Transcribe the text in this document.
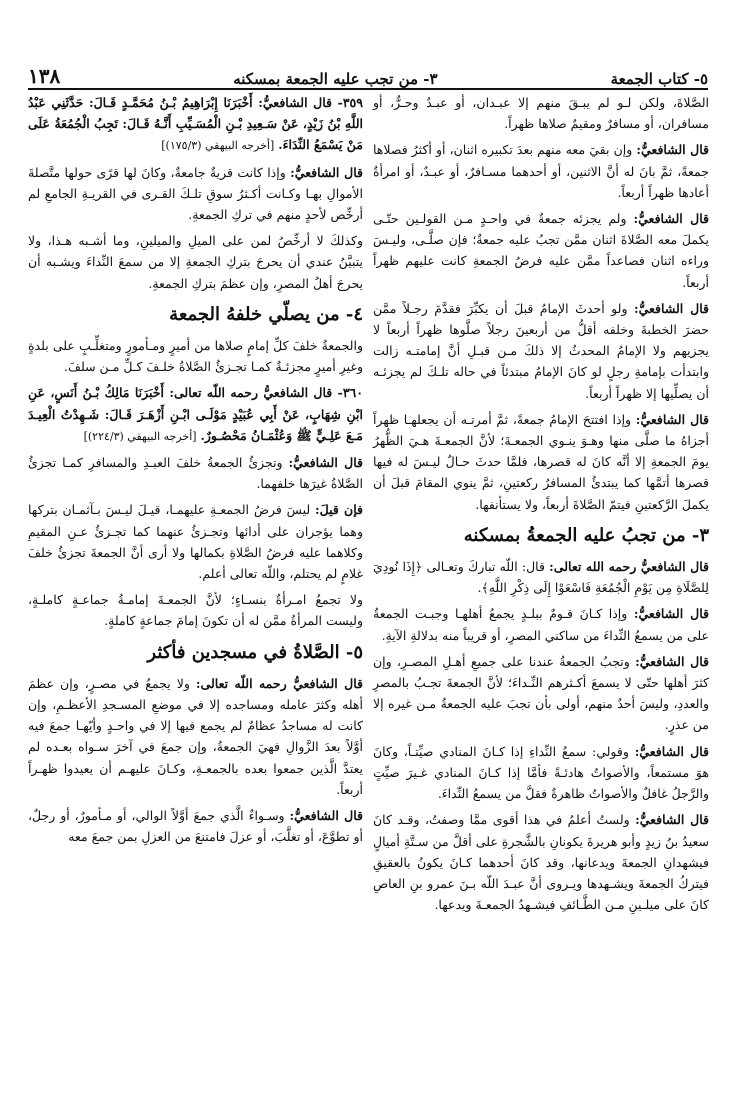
٥- كتاب الجمعة
٣- من تجب عليه الجمعة بمسكنه
١٣٨

الصَّلاةَ، ولكن لـو لم يبـقَ منهم إلا عبـدان، أو عبـدٌ وحـرٌّ، أو مسافران، أو مسافرٌ ومقيمٌ صلاها ظهراً.

قال الشافعيُّ: وإن بقيَ معه منهم بعدَ تكبيره اثنان، أو أكثرُ فصلاها جمعةً، ثمَّ بانَ له أنَّ الاثنين، أو أحدهما مسـافرٌ، أو عبـدٌ، أو امرأةٌ أعادها ظهراً أربعاً.

قال الشافعيُّ: ولم يجزئه جمعةٌ في واحـدٍ مـن القولـين حتّـى يكملَ معه الصَّلاةَ اثنان ممَّن تجبُ عليه جمعةٌ؛ فإن صلَّـى، وليـسَ وراءه اثنان فصاعداً ممَّن عليه فرضُ الجمعةِ كانت عليهم ظهراً أربعاً.

قال الشافعيُّ: ولو أحدثَ الإمامُ قبلَ أن يكبِّرَ فقدَّمَ رجـلاً ممَّن حضرَ الخطبةَ وخلفه أقلُّ من أربعينَ رجلاً صلَّوها ظهراً أربعاً لا يجزيهم ولا الإمامُ المحدثُ إلا ذلكَ مـن قبـلِ أنَّ إمامتـه زالت وابتدأت بإمامةِ رجلٍ لو كانَ الإمامُ مبتدئاً في حاله تلـكَ لم يجزئـه أن يصلِّيها إلا ظهراً أربعاً.

قال الشافعيُّ: وإذا افتتحَ الإمامُ جمعةً، ثمَّ أمرتـه أن يجعلهـا ظهراً أجزاهُ ما صلَّى منها وهـوَ ينـوي الجمعـةَ؛ لأنَّ الجمعـةَ هـيَ الظُّهرُ يومَ الجمعةِ إلا أنَّه كانَ له قصرها، فلمَّا حدثَ حـالٌ ليـسَ له فيها قصرها أتمَّها كما يبتدئُ المسافرُ ركعتينِ، ثمَّ ينوي المقامَ قبلَ أن يكملَ الرَّكعتينِ فيتمّ الصَّلاةَ أربعاً، ولا يستأنفها.

٣- من تجبُ عليه الجمعةُ بمسكنه

قال الشافعيُّ رحمه الله تعالى: قال: اللّه تباركَ وتعـالى ﴿إِذَا نُودِيَ لِلصَّلَاةِ مِن يَوْمِ الْجُمُعَةِ فَاسْعَوْا إِلَى ذِكْرِ اللَّهِ﴾.

قال الشافعيُّ: وإذا كـانَ قـومٌ ببلـدٍ يجمعُ أهلهـا وجبـت الجمعةُ على من يسمعُ النِّداءَ من ساكني المصرِ، أو قريباً منه بدلالةِ الآيةِ.

قال الشافعيُّ: وتجبُ الجمعةُ عندنا على جميعِ أهـلِ المصـرِ، وإن كثرَ أهلها حتّى لا يسمعَ أكـثرهم النِّـداءَ؛ لأنَّ الجمعةَ تجـبُ بالمصرِ والعددِ، وليسَ أحدٌ منهم، أولى بأن تجبَ عليه الجمعةُ مـن غيره إلا من عذرٍ.

قال الشافعيُّ: وقولي: سمعُ النِّداءِ إذا كـانَ المنادي صيِّتـاً، وكانَ هوَ مستمعاً، والأصواتُ هادئـةً فأمَّا إذا كـانَ المنادي غـيرَ صيِّتٍ والرَّجلُ غافلٌ والأصواتُ ظاهرةٌ فقلَّ من يسمعُ النِّداءَ.

قال الشافعيُّ: ولستُ أعلمُ في هذا أقوى ممَّا وصفتُ، وقـد كانَ سعيدُ بنُ زيدٍ وأبو هريرةَ يكونانِ بالشَّجرةِ على أقلَّ من سـتَّةِ أميالٍ فيشهدانِ الجمعةَ ويدعانها، وقد كانَ أحدهما كـانَ يكونُ بالعقيقِ فيتركُ الجمعةَ ويشـهدها ويـروى أنَّ عبـدَ اللّه بـنَ عمرو بنِ العاصِ كانَ على ميلـينِ مـن الطَّـائفِ فيشـهدُ الجمعـةَ ويدعها.

٣٥٩- قال الشافعيُّ: أَخْبَرَنَا إِبْرَاهِيمُ بْـنُ مُحَمَّـدٍ قَـالَ: حَدَّثَنِي عَبْدُ اللَّهِ بْنُ زَيْدٍ، عَنْ سَـعِيدِ بْـنِ الْمُسَـيِّبِ أَنَّـهُ قَـالَ: تَجِبُ الْجُمُعَةُ عَلَى مَنْ يَسْمَعُ النِّدَاءَ. [أخرجه البيهقي (١٧٥/٣)]

قال الشافعيُّ: وإذا كانت قريةٌ جامعةٌ، وكانَ لها قرًى حولها متَّصلةَ الأموالِ بهـا وكـانت أكـثرُ سوقِ تلـكَ القـرى في القريـةِ الجامعِ لم أرخِّص لأحدٍ منهم في تركِ الجمعةِ.

وكذلكَ لا أرخِّصُ لمن على الميلِ والميلينِ، وما أشـبه هـذا، ولا يتبيَّنُ عندي أن يحرجَ بتركِ الجمعةِ إلا من سمعَ النِّداءَ ويشـبه أن يحرجَ أهلُ المصرِ، وإن عظمَ بتركِ الجمعةِ.

٤- من يصلّي خلفهُ الجمعة

والجمعةُ خلفَ كلِّ إمامٍ صلاها من أميرٍ ومـأمورٍ ومتغلِّـبٍ على بلدةٍ وغيرِ أميرٍ مجزئـةٌ كمـا تجـزئُ الصَّلاةُ خلـفَ كـلِّ مـن سلفَ.

٣٦٠- قال الشافعيُّ رحمه اللّه تعالى: أَخْبَرَنَا مَالِكُ بْـنُ أَنَسٍ، عَنِ ابْنِ شِهَابٍ، عَنْ أَبِي عُبَيْدٍ مَوْلَـى ابْـنِ أَزْهَـرَ قَـالَ: شَـهِدْتُ الْعِيـدَ مَـعَ عَلِـيٍّ ﷺ وَعُثْمَـانُ مَحْصُـورٌ. [أخرجه البيهقي (٢٢٤/٣)]

قال الشافعيُّ: وتجزئُ الجمعةُ خلفَ العبـدِ والمسافرِ كمـا تجزئُ الصَّلاةُ غيرَها خلفهما.

فإن قيلَ: ليسَ فرضُ الجمعـةِ عليهمـا، قيـلَ ليـسَ بـآثمـان بتركها وهما يؤجران على أدائها وتجـزئُ عنهما كما تجـزئُ عـنِ المقيمِ وكلاهما عليه فرضُ الصَّلاةِ بكمالها ولا أرى أنَّ الجمعةَ تجزئُ خلفَ غلامٍ لم يحتلم، واللّه تعالى أعلم.

ولا تجمعُ امـرأةٌ بنسـاءٍ؛ لأنَّ الجمعـةَ إمامـةُ جماعـةٍ كاملـةٍ، وليست المرأةُ ممَّن له أن تكونَ إمامَ جماعةٍ كاملةٍ.

٥- الصَّلاةُ في مسجدين فأكثر

قال الشافعيُّ رحمه اللّه تعالى: ولا يجمعُ في مصـرٍ، وإن عظمَ أهله وكثرَ عامله ومساجده إلا في موضعِ المسـجدِ الأعظـمِ، وإن كانت له مساجدُ عظامٌ لم يجمع فيها إلا في واحـدٍ وأيّهـا جمعَ فيه أوَّلاً بعدَ الزَّوالِ فهيَ الجمعةُ، وإن جمعَ في آخرَ سـواه بعـده لم يعتدَّ الَّذين جمعوا بعده بالجمعـةِ، وكـانَ عليهـم أن يعيدوا ظهـراً أربعاً.

قال الشافعيُّ: وسـواءٌ الَّذي جمعَ أوَّلاً الوالي، أو مـأمورٌ، أو رجلٌ، أو تطوَّعَ، أو تغلَّبَ، أو عزلَ فامتنعَ من العزلِ بمن جمعَ معه
